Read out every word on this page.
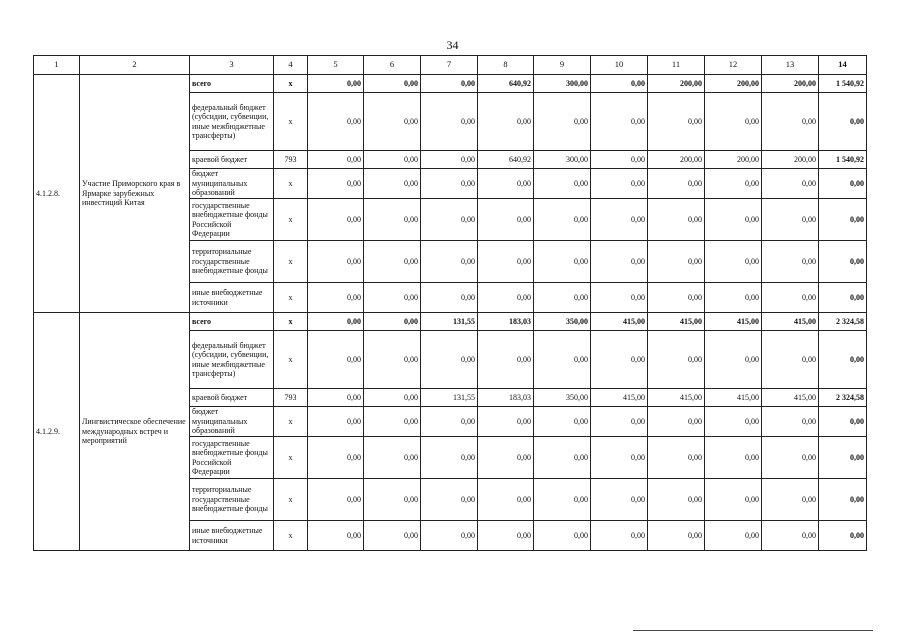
34
1	2	3	4	5	6	7	8	9	10	11	12	13	14
4.1.2.8.	Участие Приморского края в Ярмарке зарубежных инвестиций Китая	всего	х	0,00	0,00	0,00	640,92	300,00	0,00	200,00	200,00	200,00	1 540,92
		федеральный бюджет (субсидии, субвенции, иные межбюджетные трансферты)	х	0,00	0,00	0,00	0,00	0,00	0,00	0,00	0,00	0,00	0,00
		краевой бюджет	793	0,00	0,00	0,00	640,92	300,00	0,00	200,00	200,00	200,00	1 540,92
		бюджет муниципальных образований	х	0,00	0,00	0,00	0,00	0,00	0,00	0,00	0,00	0,00	0,00
		государственные внебюджетные фонды Российской Федерации	х	0,00	0,00	0,00	0,00	0,00	0,00	0,00	0,00	0,00	0,00
		территориальные государственные внебюджетные фонды	х	0,00	0,00	0,00	0,00	0,00	0,00	0,00	0,00	0,00	0,00
		иные внебюджетные источники	х	0,00	0,00	0,00	0,00	0,00	0,00	0,00	0,00	0,00	0,00
4.1.2.9.	Лингвистическое обеспечение международных встреч и мероприятий	всего	х	0,00	0,00	131,55	183,03	350,00	415,00	415,00	415,00	415,00	2 324,58
		федеральный бюджет (субсидии, субвенции, иные межбюджетные трансферты)	х	0,00	0,00	0,00	0,00	0,00	0,00	0,00	0,00	0,00	0,00
		краевой бюджет	793	0,00	0,00	131,55	183,03	350,00	415,00	415,00	415,00	415,00	2 324,58
		бюджет муниципальных образований	х	0,00	0,00	0,00	0,00	0,00	0,00	0,00	0,00	0,00	0,00
		государственные внебюджетные фонды Российской Федерации	х	0,00	0,00	0,00	0,00	0,00	0,00	0,00	0,00	0,00	0,00
		территориальные государственные внебюджетные фонды	х	0,00	0,00	0,00	0,00	0,00	0,00	0,00	0,00	0,00	0,00
		иные внебюджетные источники	х	0,00	0,00	0,00	0,00	0,00	0,00	0,00	0,00	0,00	0,00
